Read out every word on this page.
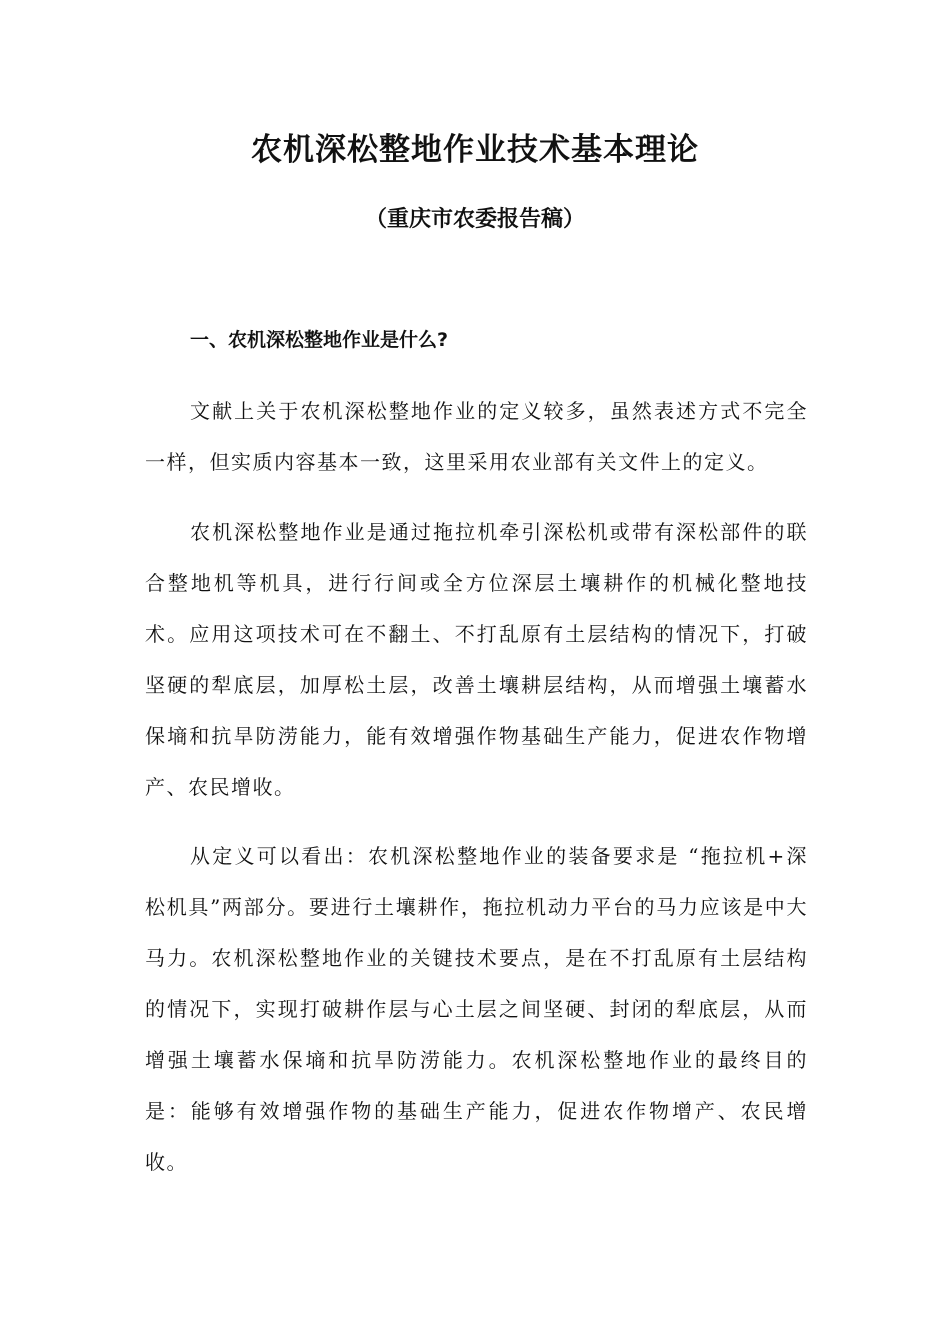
农机深松整地作业技术基本理论
（重庆市农委报告稿）
一、农机深松整地作业是什么?

文献上关于农机深松整地作业的定义较多，虽然表述方式不完全一样，但实质内容基本一致，这里采用农业部有关文件上的定义。

农机深松整地作业是通过拖拉机牵引深松机或带有深松部件的联合整地机等机具，进行行间或全方位深层土壤耕作的机械化整地技术。应用这项技术可在不翻土、不打乱原有土层结构的情况下，打破坚硬的犁底层，加厚松土层，改善土壤耕层结构，从而增强土壤蓄水保墒和抗旱防涝能力，能有效增强作物基础生产能力，促进农作物增产、农民增收。

从定义可以看出：农机深松整地作业的装备要求是 “拖拉机+深松机具”两部分。要进行土壤耕作，拖拉机动力平台的马力应该是中大马力。农机深松整地作业的关键技术要点，是在不打乱原有土层结构的情况下，实现打破耕作层与心土层之间坚硬、封闭的犁底层，从而增强土壤蓄水保墒和抗旱防涝能力。农机深松整地作业的最终目的是：能够有效增强作物的基础生产能力，促进农作物增产、农民增收。
